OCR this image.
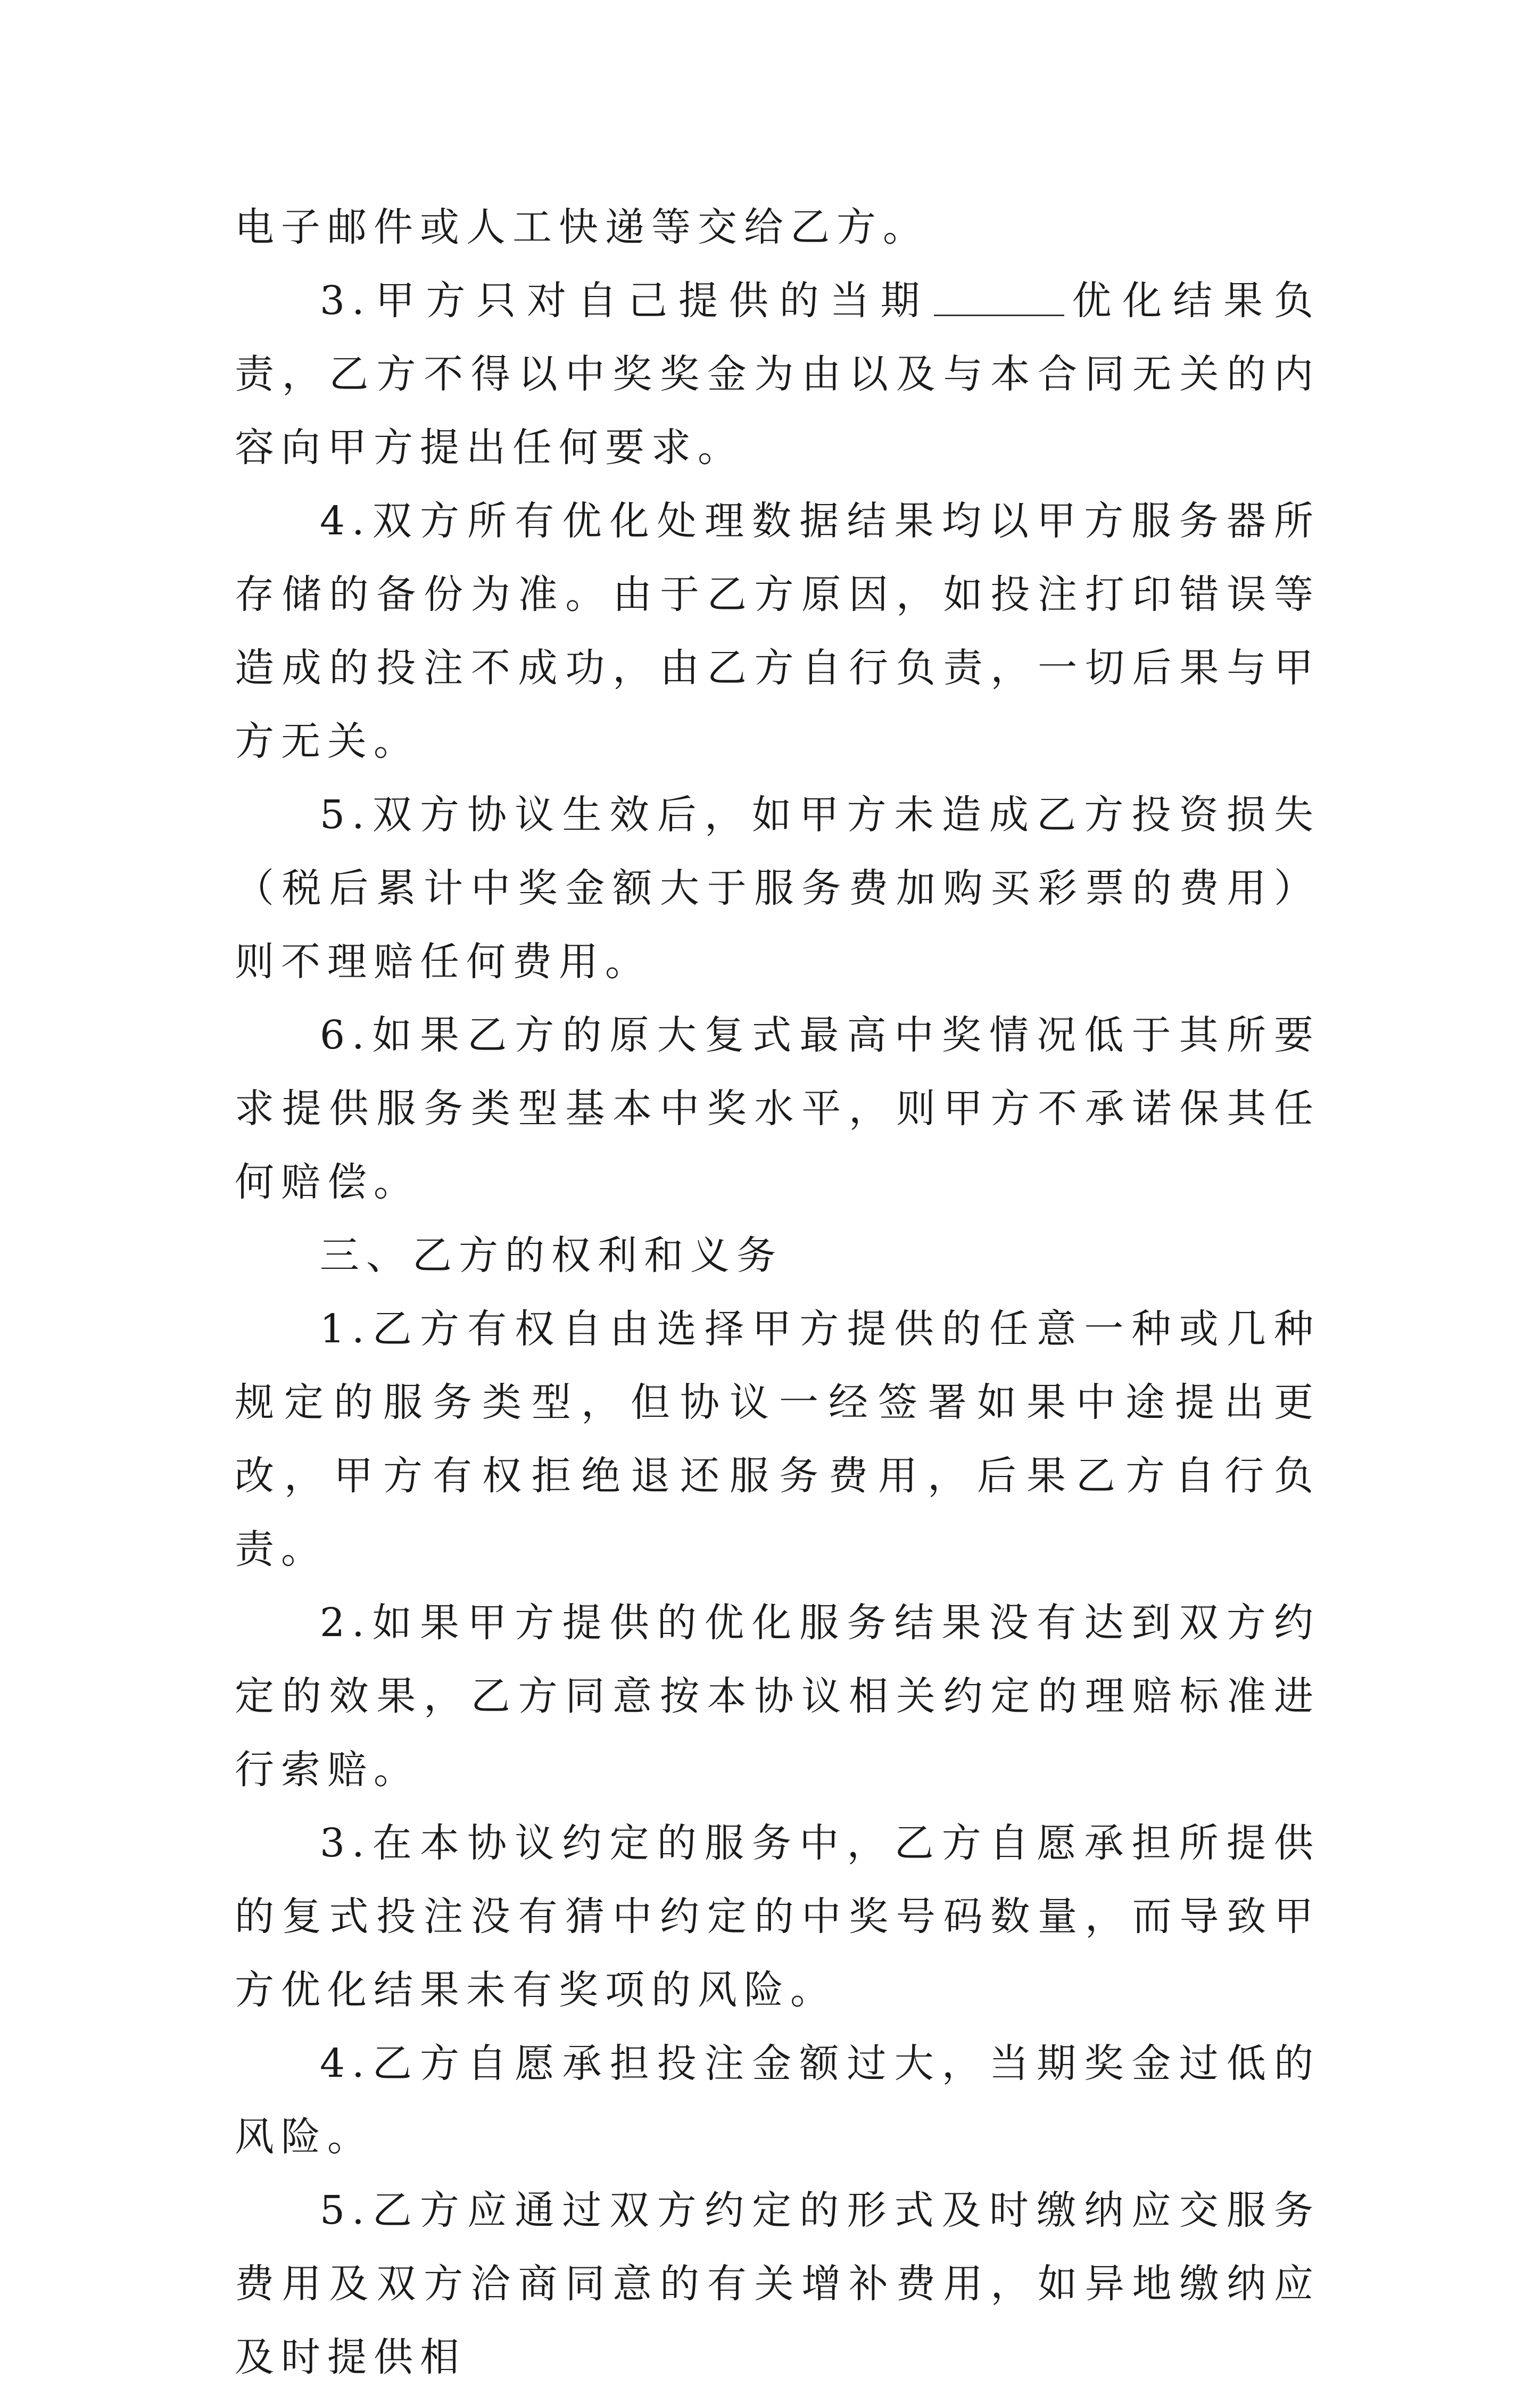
电子邮件或人工快递等交给乙方。

3.甲方只对自己提供的当期	优化结果负责，乙方不得以中奖奖金为由以及与本合同无关的内容向甲方提出任何要求。

4.双方所有优化处理数据结果均以甲方服务器所存储的备份为准。由于乙方原因，如投注打印错误等造成的投注不成功，由乙方自行负责，一切后果与甲方无关。

5.双方协议生效后，如甲方未造成乙方投资损失（税后累计中奖金额大于服务费加购买彩票的费用）则不理赔任何费用。

6.如果乙方的原大复式最高中奖情况低于其所要求提供服务类型基本中奖水平，则甲方不承诺保其任何赔偿。

三、乙方的权利和义务

1.乙方有权自由选择甲方提供的任意一种或几种规定的服务类型，但协议一经签署如果中途提出更改，甲方有权拒绝退还服务费用，后果乙方自行负责。

2.如果甲方提供的优化服务结果没有达到双方约定的效果，乙方同意按本协议相关约定的理赔标准进行索赔。

3.在本协议约定的服务中，乙方自愿承担所提供的复式投注没有猜中约定的中奖号码数量，而导致甲方优化结果未有奖项的风险。

4.乙方自愿承担投注金额过大，当期奖金过低的风险。

5.乙方应通过双方约定的形式及时缴纳应交服务费用及双方洽商同意的有关增补费用，如异地缴纳应及时提供相
